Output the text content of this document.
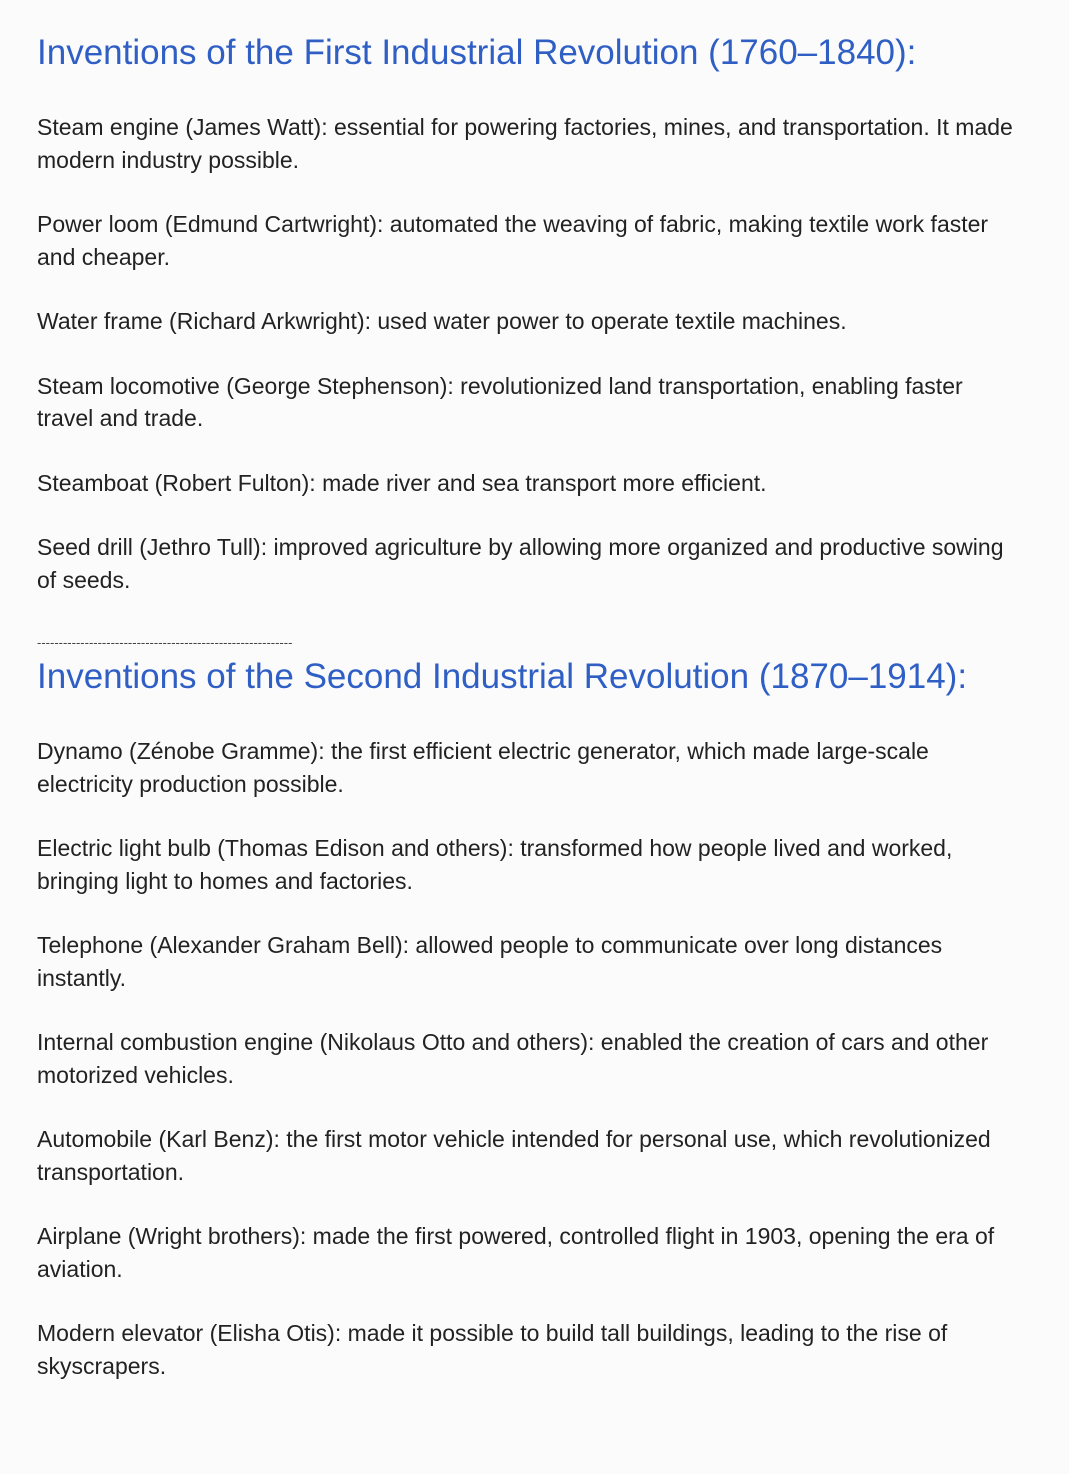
Inventions of the First Industrial Revolution (1760–1840):
Steam engine (James Watt): essential for powering factories, mines, and transportation. It made modern industry possible.
Power loom (Edmund Cartwright): automated the weaving of fabric, making textile work faster and cheaper.
Water frame (Richard Arkwright): used water power to operate textile machines.
Steam locomotive (George Stephenson): revolutionized land transportation, enabling faster travel and trade.
Steamboat (Robert Fulton): made river and sea transport more efficient.
Seed drill (Jethro Tull): improved agriculture by allowing more organized and productive sowing of seeds.
-----------------------------------------------------------
Inventions of the Second Industrial Revolution (1870–1914):
Dynamo (Zénobe Gramme): the first efficient electric generator, which made large-scale electricity production possible.
Electric light bulb (Thomas Edison and others): transformed how people lived and worked, bringing light to homes and factories.
Telephone (Alexander Graham Bell): allowed people to communicate over long distances instantly.
Internal combustion engine (Nikolaus Otto and others): enabled the creation of cars and other motorized vehicles.
Automobile (Karl Benz): the first motor vehicle intended for personal use, which revolutionized transportation.
Airplane (Wright brothers): made the first powered, controlled flight in 1903, opening the era of aviation.
Modern elevator (Elisha Otis): made it possible to build tall buildings, leading to the rise of skyscrapers.
